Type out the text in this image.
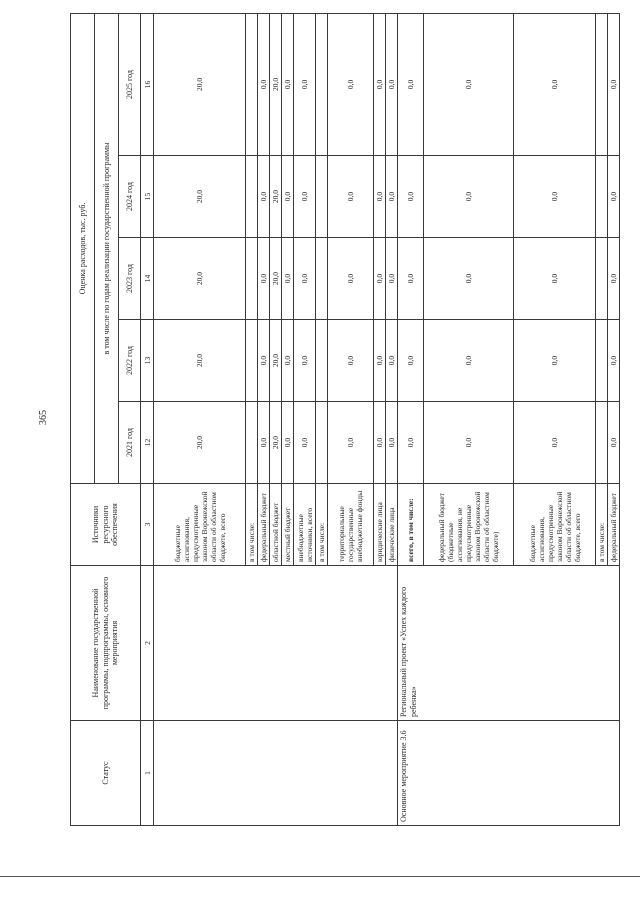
365
Статус	Наименование государственной программы, подпрограммы, основного мероприятия	Источники ресурсного обеспечения	Оценка расходов, тыс. руб.				
			в том числе по годам реализации государственной программы				
			2021 год	2022 год	2023 год	2024 год	2025 год
1	2	3	12	13	14	15	16
		бюджетные ассигнования, предусмотренные законом Воронежской области об областном бюджете, всего	20,0	20,0	20,0	20,0	20,0
		в том числе:					
		федеральный бюджет	0,0	0,0	0,0	0,0	0,0
		областной бюджет	20,0	20,0	20,0	20,0	20,0
		местный бюджет	0,0	0,0	0,0	0,0	0,0
		внебюджетные источники, всего	0,0	0,0	0,0	0,0	0,0
		в том числе:					
		территориальные государственные внебюджетные фонды	0,0	0,0	0,0	0,0	0,0
		юридические лица	0,0	0,0	0,0	0,0	0,0
		физические лица	0,0	0,0	0,0	0,0	0,0
Основное мероприятие 3.6	Региональный проект «Успех каждого ребенка»	всего, в том числе:	0,0	0,0	0,0	0,0	0,0
		федеральный бюджет (бюджетные ассигнования, не предусмотренные законом Воронежской области об областном бюджете)	0,0	0,0	0,0	0,0	0,0
		бюджетные ассигнования, предусмотренные законом Воронежской области об областном бюджете, всего	0,0	0,0	0,0	0,0	0,0
		в том числе:					
		федеральный бюджет	0,0	0,0	0,0	0,0	0,0
